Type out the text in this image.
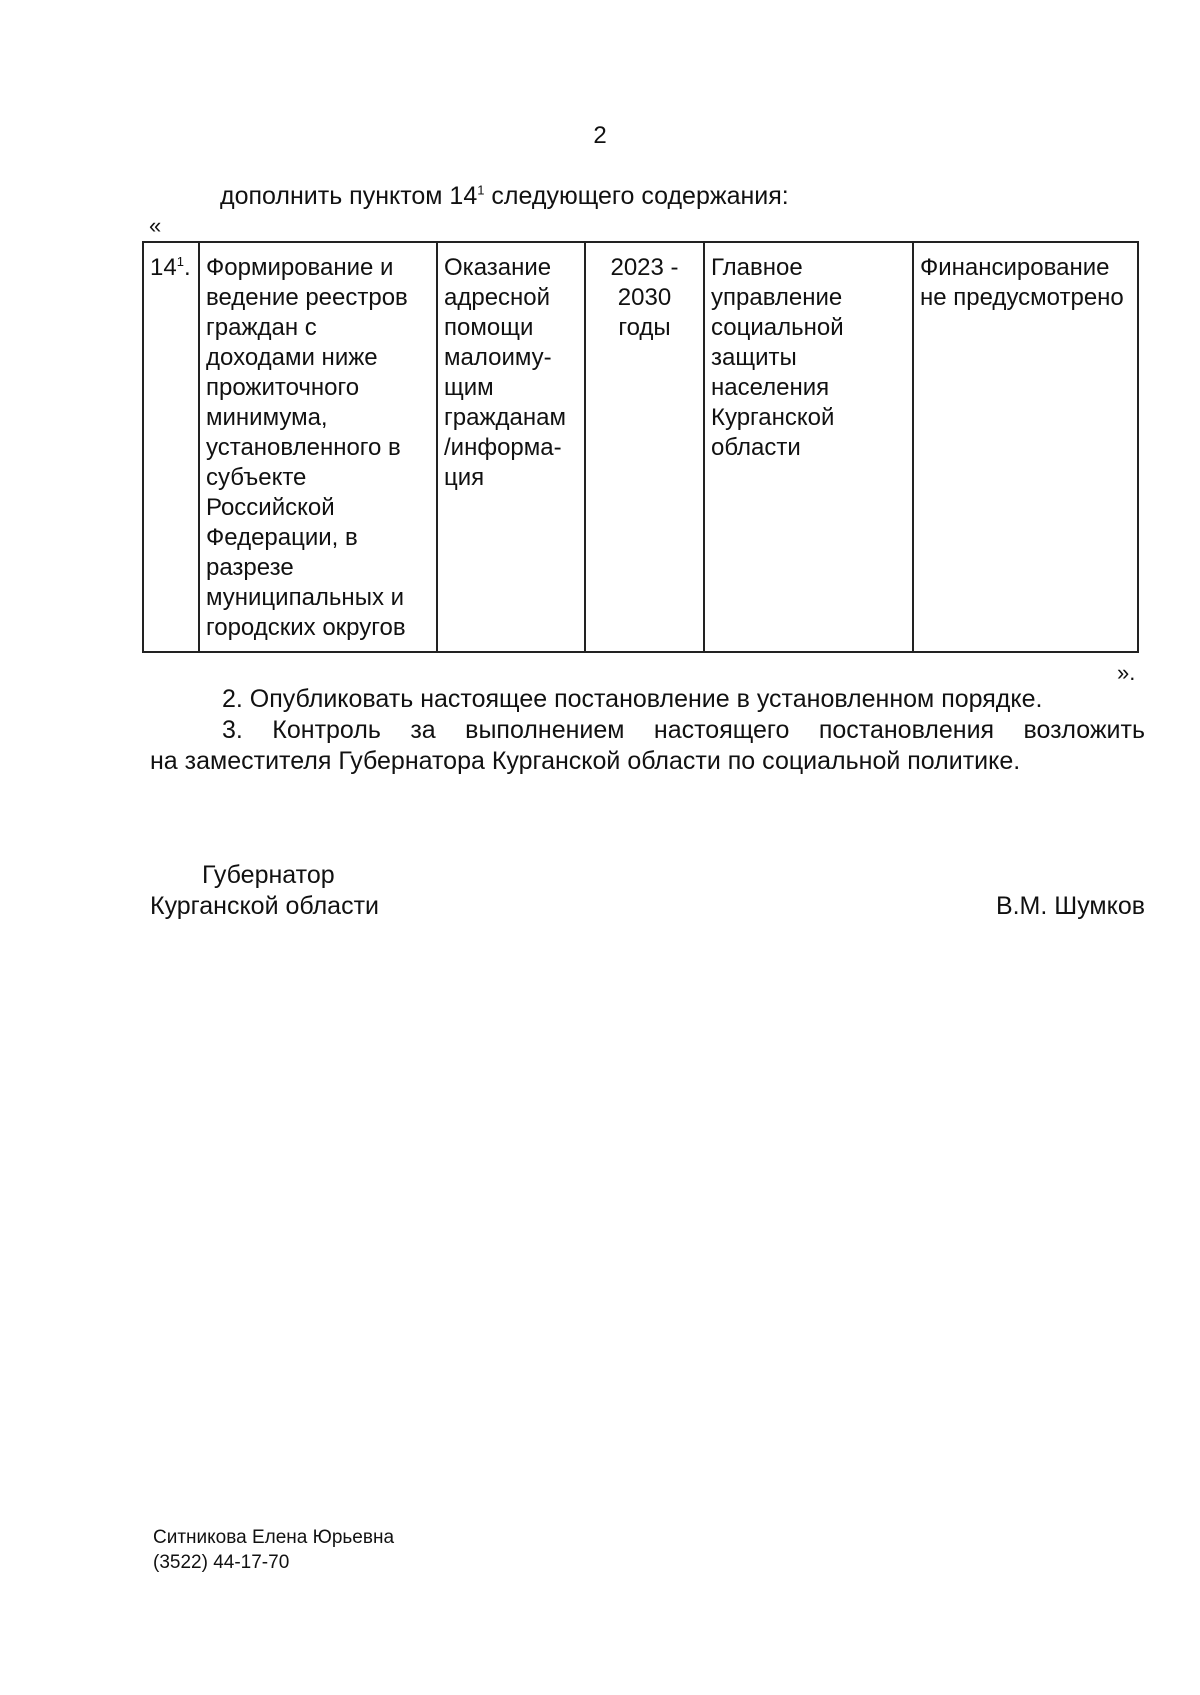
2
дополнить пунктом $14^1$ следующего содержания:
«
$14^1$.	Формирование и ведение реестров граждан с доходами ниже прожиточного минимума, установленного в субъекте Российской Федерации, в разрезе муниципальных и городских округов	Оказание адресной помощи малоиму-щим гражданам /информа-ция	2023 - 2030 годы	Главное управление социальной защиты населения Курганской области	Финансирование не предусмотрено
».
2. Опубликовать настоящее постановление в установленном порядке.
3. Контроль за выполнением настоящего постановления возложить
на заместителя Губернатора Курганской области по социальной политике.
Губернатор
Курганской области	В.М. Шумков
Ситникова Елена Юрьевна
(3522) 44-17-70
